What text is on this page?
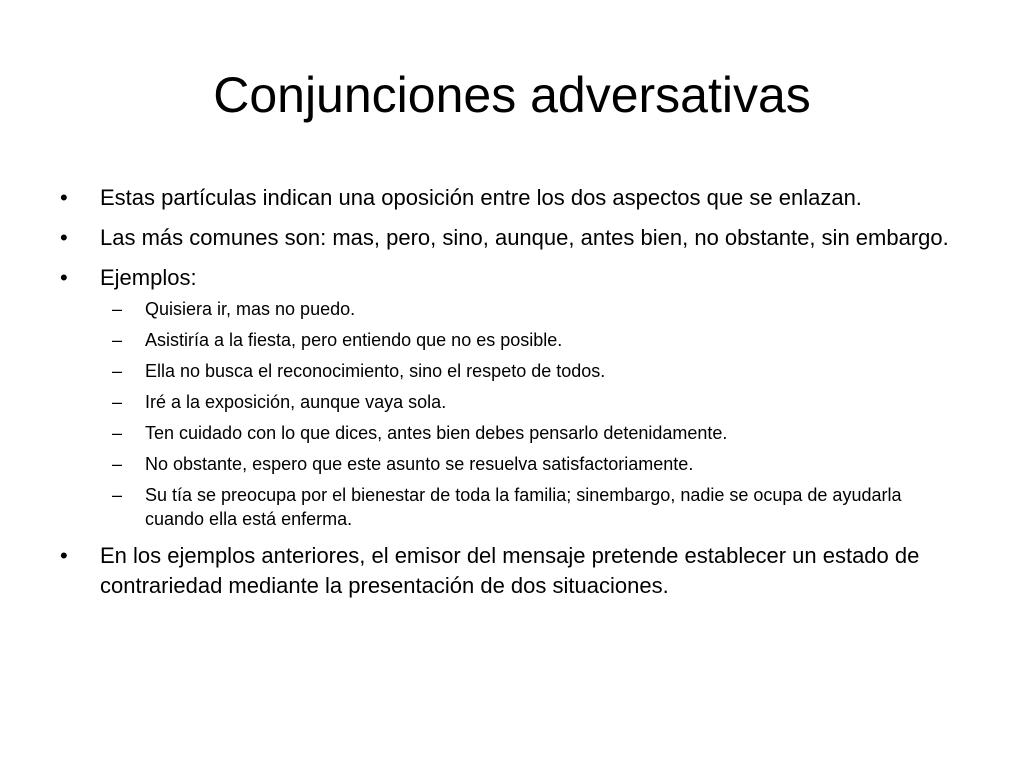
Conjunciones adversativas
•	Estas partículas indican una oposición entre los dos aspectos que se enlazan.
•	Las más comunes son: mas, pero, sino, aunque, antes bien, no obstante, sin embargo.
•	Ejemplos:
– Quisiera ir, mas no puedo.
– Asistiría a la fiesta, pero entiendo que no es posible.
– Ella no busca el reconocimiento, sino el respeto de todos.
– Iré a la exposición, aunque vaya sola.
– Ten cuidado con lo que dices, antes bien debes pensarlo detenidamente.
– No obstante, espero que este asunto se resuelva satisfactoriamente.
– Su tía se preocupa por el bienestar de toda la familia; sinembargo, nadie se ocupa de ayudarla cuando ella está enferma.
•	En los ejemplos anteriores, el emisor del mensaje pretende establecer un estado de contrariedad mediante la presentación de dos situaciones.
